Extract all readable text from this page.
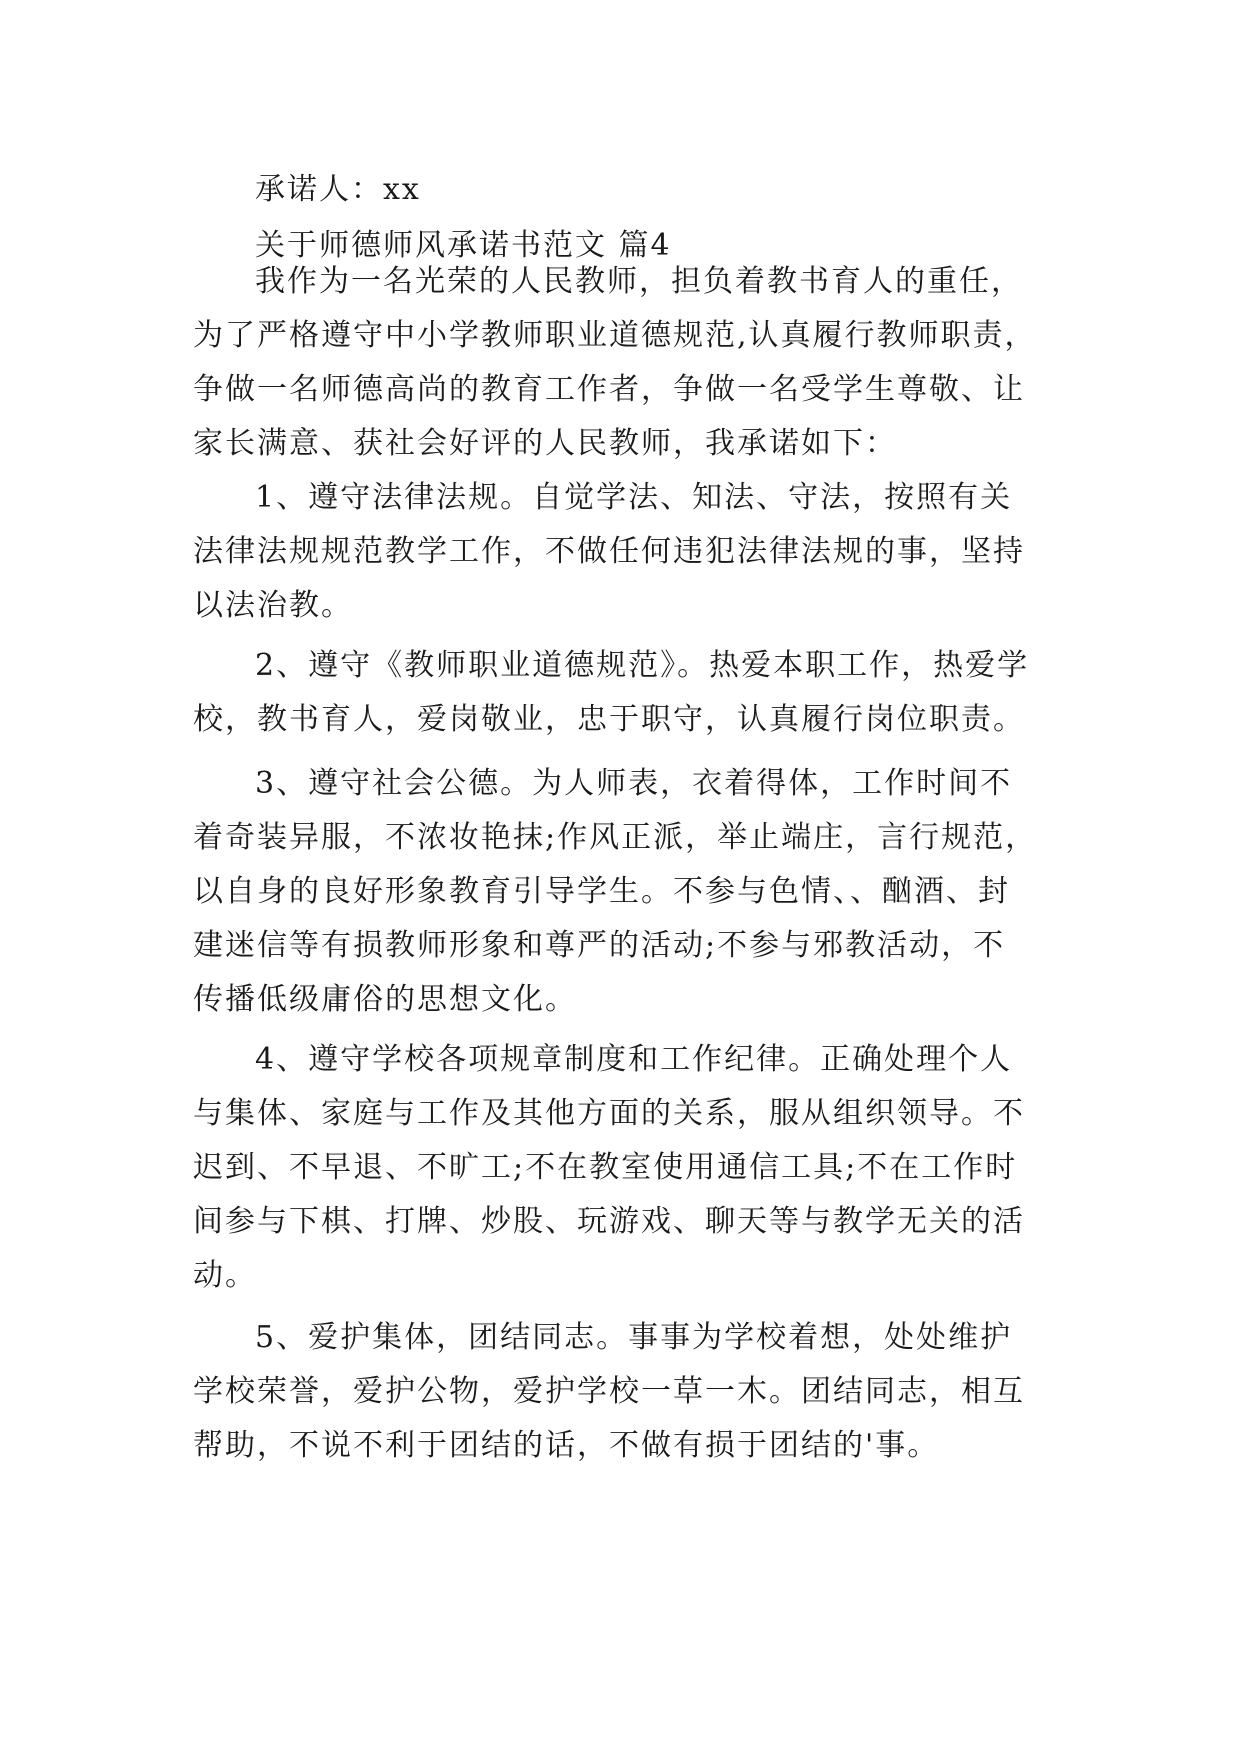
承诺人：xx
关于师德师风承诺书范文 篇4
我作为一名光荣的人民教师，担负着教书育人的重任，
为了严格遵守中小学教师职业道德规范,认真履行教师职责，
争做一名师德高尚的教育工作者，争做一名受学生尊敬、让
家长满意、获社会好评的人民教师，我承诺如下：
1、遵守法律法规。自觉学法、知法、守法，按照有关
法律法规规范教学工作，不做任何违犯法律法规的事，坚持
以法治教。
2、遵守《教师职业道德规范》。热爱本职工作，热爱学
校，教书育人，爱岗敬业，忠于职守，认真履行岗位职责。
3、遵守社会公德。为人师表，衣着得体，工作时间不
着奇装异服，不浓妆艳抹;作风正派，举止端庄，言行规范，
以自身的良好形象教育引导学生。不参与色情、、酗酒、封
建迷信等有损教师形象和尊严的活动;不参与邪教活动，不
传播低级庸俗的思想文化。
4、遵守学校各项规章制度和工作纪律。正确处理个人
与集体、家庭与工作及其他方面的关系，服从组织领导。不
迟到、不早退、不旷工;不在教室使用通信工具;不在工作时
间参与下棋、打牌、炒股、玩游戏、聊天等与教学无关的活
动。
5、爱护集体，团结同志。事事为学校着想，处处维护
学校荣誉，爱护公物，爱护学校一草一木。团结同志，相互
帮助，不说不利于团结的话，不做有损于团结的'事。
